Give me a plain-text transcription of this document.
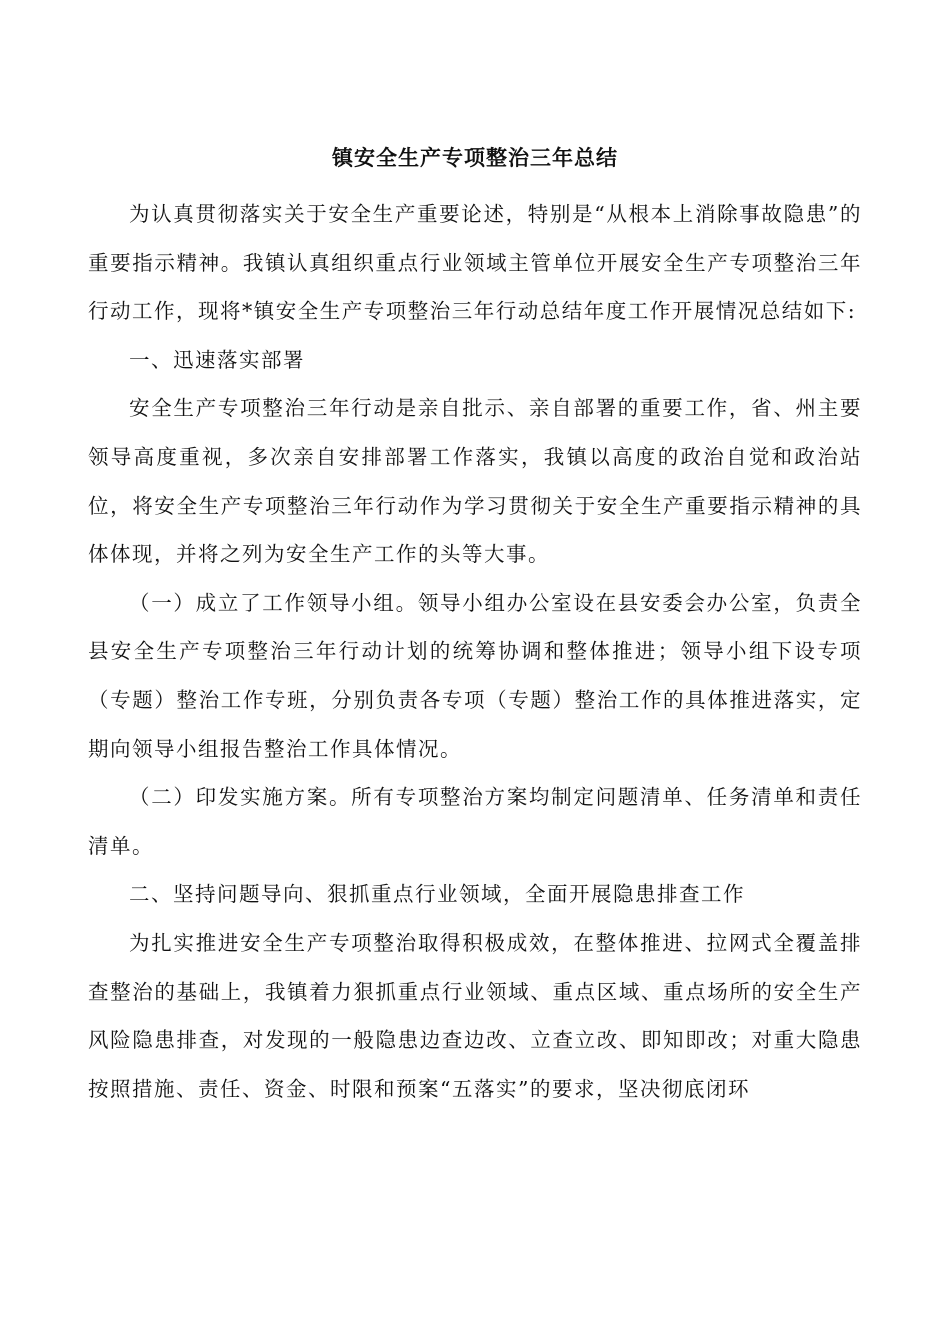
镇安全生产专项整治三年总结

为认真贯彻落实关于安全生产重要论述，特别是“从根本上消除事故隐患”的重要指示精神。我镇认真组织重点行业领域主管单位开展安全生产专项整治三年行动工作，现将*镇安全生产专项整治三年行动总结年度工作开展情况总结如下:

一、迅速落实部署

安全生产专项整治三年行动是亲自批示、亲自部署的重要工作，省、州主要领导高度重视，多次亲自安排部署工作落实，我镇以高度的政治自觉和政治站位，将安全生产专项整治三年行动作为学习贯彻关于安全生产重要指示精神的具体体现，并将之列为安全生产工作的头等大事。

（一）成立了工作领导小组。领导小组办公室设在县安委会办公室，负责全县安全生产专项整治三年行动计划的统筹协调和整体推进；领导小组下设专项（专题）整治工作专班，分别负责各专项（专题）整治工作的具体推进落实，定期向领导小组报告整治工作具体情况。

（二）印发实施方案。所有专项整治方案均制定问题清单、任务清单和责任清单。

二、坚持问题导向、狠抓重点行业领域，全面开展隐患排查工作

为扎实推进安全生产专项整治取得积极成效，在整体推进、拉网式全覆盖排查整治的基础上，我镇着力狠抓重点行业领域、重点区域、重点场所的安全生产风险隐患排查，对发现的一般隐患边查边改、立查立改、即知即改；对重大隐患按照措施、责任、资金、时限和预案“五落实”的要求，坚决彻底闭环
